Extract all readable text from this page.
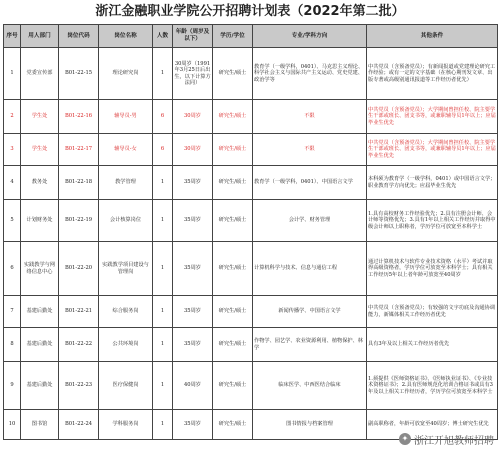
浙江金融职业学院公开招聘计划表（2022年第二批）
序号	用人部门	岗位代码	岗位名称	人数	年龄（周岁及以下）	学历/学位	专业/学科方向	其他条件
1	党委宣传部	B01-22-15	理论研究岗	1	30周岁（1991年3月25日后出生，以下计算方法同）	研究生/硕士	教育学（一级学科，0401）、马克思主义理论、科学社会主义与国际共产主义运动、党史党建、政治学等	中共党员（含预备党员）；有新闻报道或党建理论研究工作经验；或有一定的文字基础（在核心期刊发文章、出版专著或高级别通讯报道等工作经历者优先）
2	学生处	B01-22-16	辅导员-男	6	30周岁	研究生/硕士	不限	中共党员（含预备党员）；大学期间曾担任校、院主要学生干部或班长、团支书等，或兼职辅导员1年以上；应届毕业生优先
3	学生处	B01-22-17	辅导员-女	6	30周岁	研究生/硕士	不限	中共党员（含预备党员）；大学期间曾担任校、院主要学生干部或班长、团支书等，或兼职辅导员1年以上；应届毕业生优先
4	教务处	B01-22-18	教学管理	1	35周岁	研究生/硕士	教育学（一级学科，0401）、中国语言文学	本科须为教育学（一级学科，0401）或中国语言文学；职业教育学方向优先；应届毕业生优先
5	计划财务处	B01-22-19	会计核算岗位	1	35周岁	研究生/硕士	会计学、财务管理	1.具有高校财务工作经验优先；2.具有注册会计师、会计师等资格优先；3.具有1年以上相关工作经历并取得中级会计师以上职称者，学历学位可放宽至本科学士
6	实践教学与网络信息中心	B01-22-20	实践教学项目建设与管理岗	1	35周岁	研究生/硕士	计算机科学与技术、信息与通信工程	通过计算机技术与软件专业技术资格（水平）考试并取得高级资格者，学历学位可放宽至本科学士；具有相关工作经历5年以上者年龄可放宽至40周岁
7	基建后勤处	B01-22-21	综合服务岗	1	35周岁	研究生/硕士	新闻传播学、中国语言文学	中共党员（含预备党员）；有较强的文字功底及沟通协调能力，新媒体相关工作经历者优先
8	基建后勤处	B01-22-22	公共环境岗	1	35周岁	研究生/硕士	作物学、园艺学、农业资源利用、植物保护、林学	具有3年及以上相关工作经历者优先
9	基建后勤处	B01-22-23	医疗保健岗	1	40周岁	研究生/硕士	临床医学、中西医结合临床	1.须提供《医师资格证书》、《医师执业证书》、《专业技术资格证书》；2.具有医师规范化培训合格证书或具有3年及以上相关工作经历者，学历学位可放宽至本科学士
10	图书馆	B01-22-24	学科服务岗	1	35周岁	研究生/硕士	图书情报与档案管理	副高职称者，年龄可放宽至40周岁；博士研究生优先
✦ 浙江开旭教师招聘
